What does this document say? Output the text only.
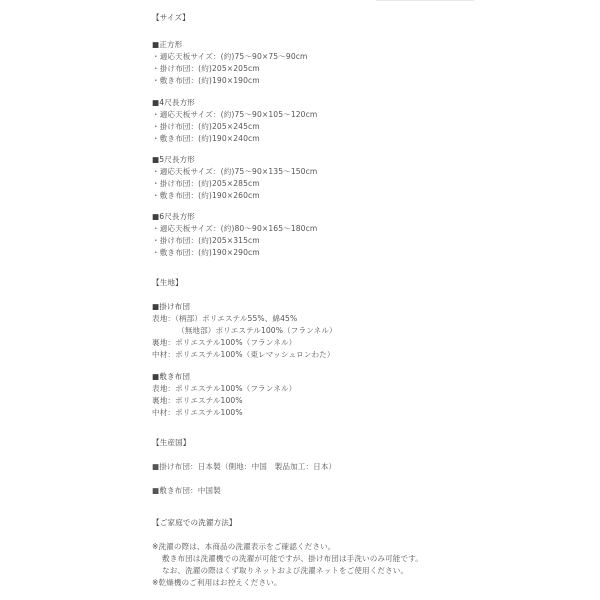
【サイズ】
■正方形
・適応天板サイズ：(約)75～90×75～90cm
・掛け布団：(約)205×205cm
・敷き布団：(約)190×190cm
■4尺長方形
・適応天板サイズ：(約)75～90×105～120cm
・掛け布団：(約)205×245cm
・敷き布団：(約)190×240cm
■5尺長方形
・適応天板サイズ：(約)75～90×135～150cm
・掛け布団：(約)205×285cm
・敷き布団：(約)190×260cm
■6尺長方形
・適応天板サイズ：(約)80～90×165～180cm
・掛け布団：(約)205×315cm
・敷き布団：(約)190×290cm
【生地】
■掛け布団
表地：（柄部）ポリエステル55%、綿45%
（無地部）ポリエステル100%（フランネル）
裏地：ポリエステル100%（フランネル）
中材：ポリエステル100%（東レマッシュロンわた）
■敷き布団
表地：ポリエステル100%（フランネル）
裏地：ポリエステル100%
中材：ポリエステル100%
【生産国】
■掛け布団：日本製（側地：中国　製品加工：日本）
■敷き布団：中国製
【ご家庭での洗濯方法】
※洗濯の際は、本商品の洗濯表示をご確認ください。
敷き布団は洗濯機での洗濯が可能ですが、掛け布団は手洗いのみ可能です。
なお、洗濯の際はくず取りネットおよび洗濯ネットをご使用ください。
※乾燥機のご利用はお控えください。
